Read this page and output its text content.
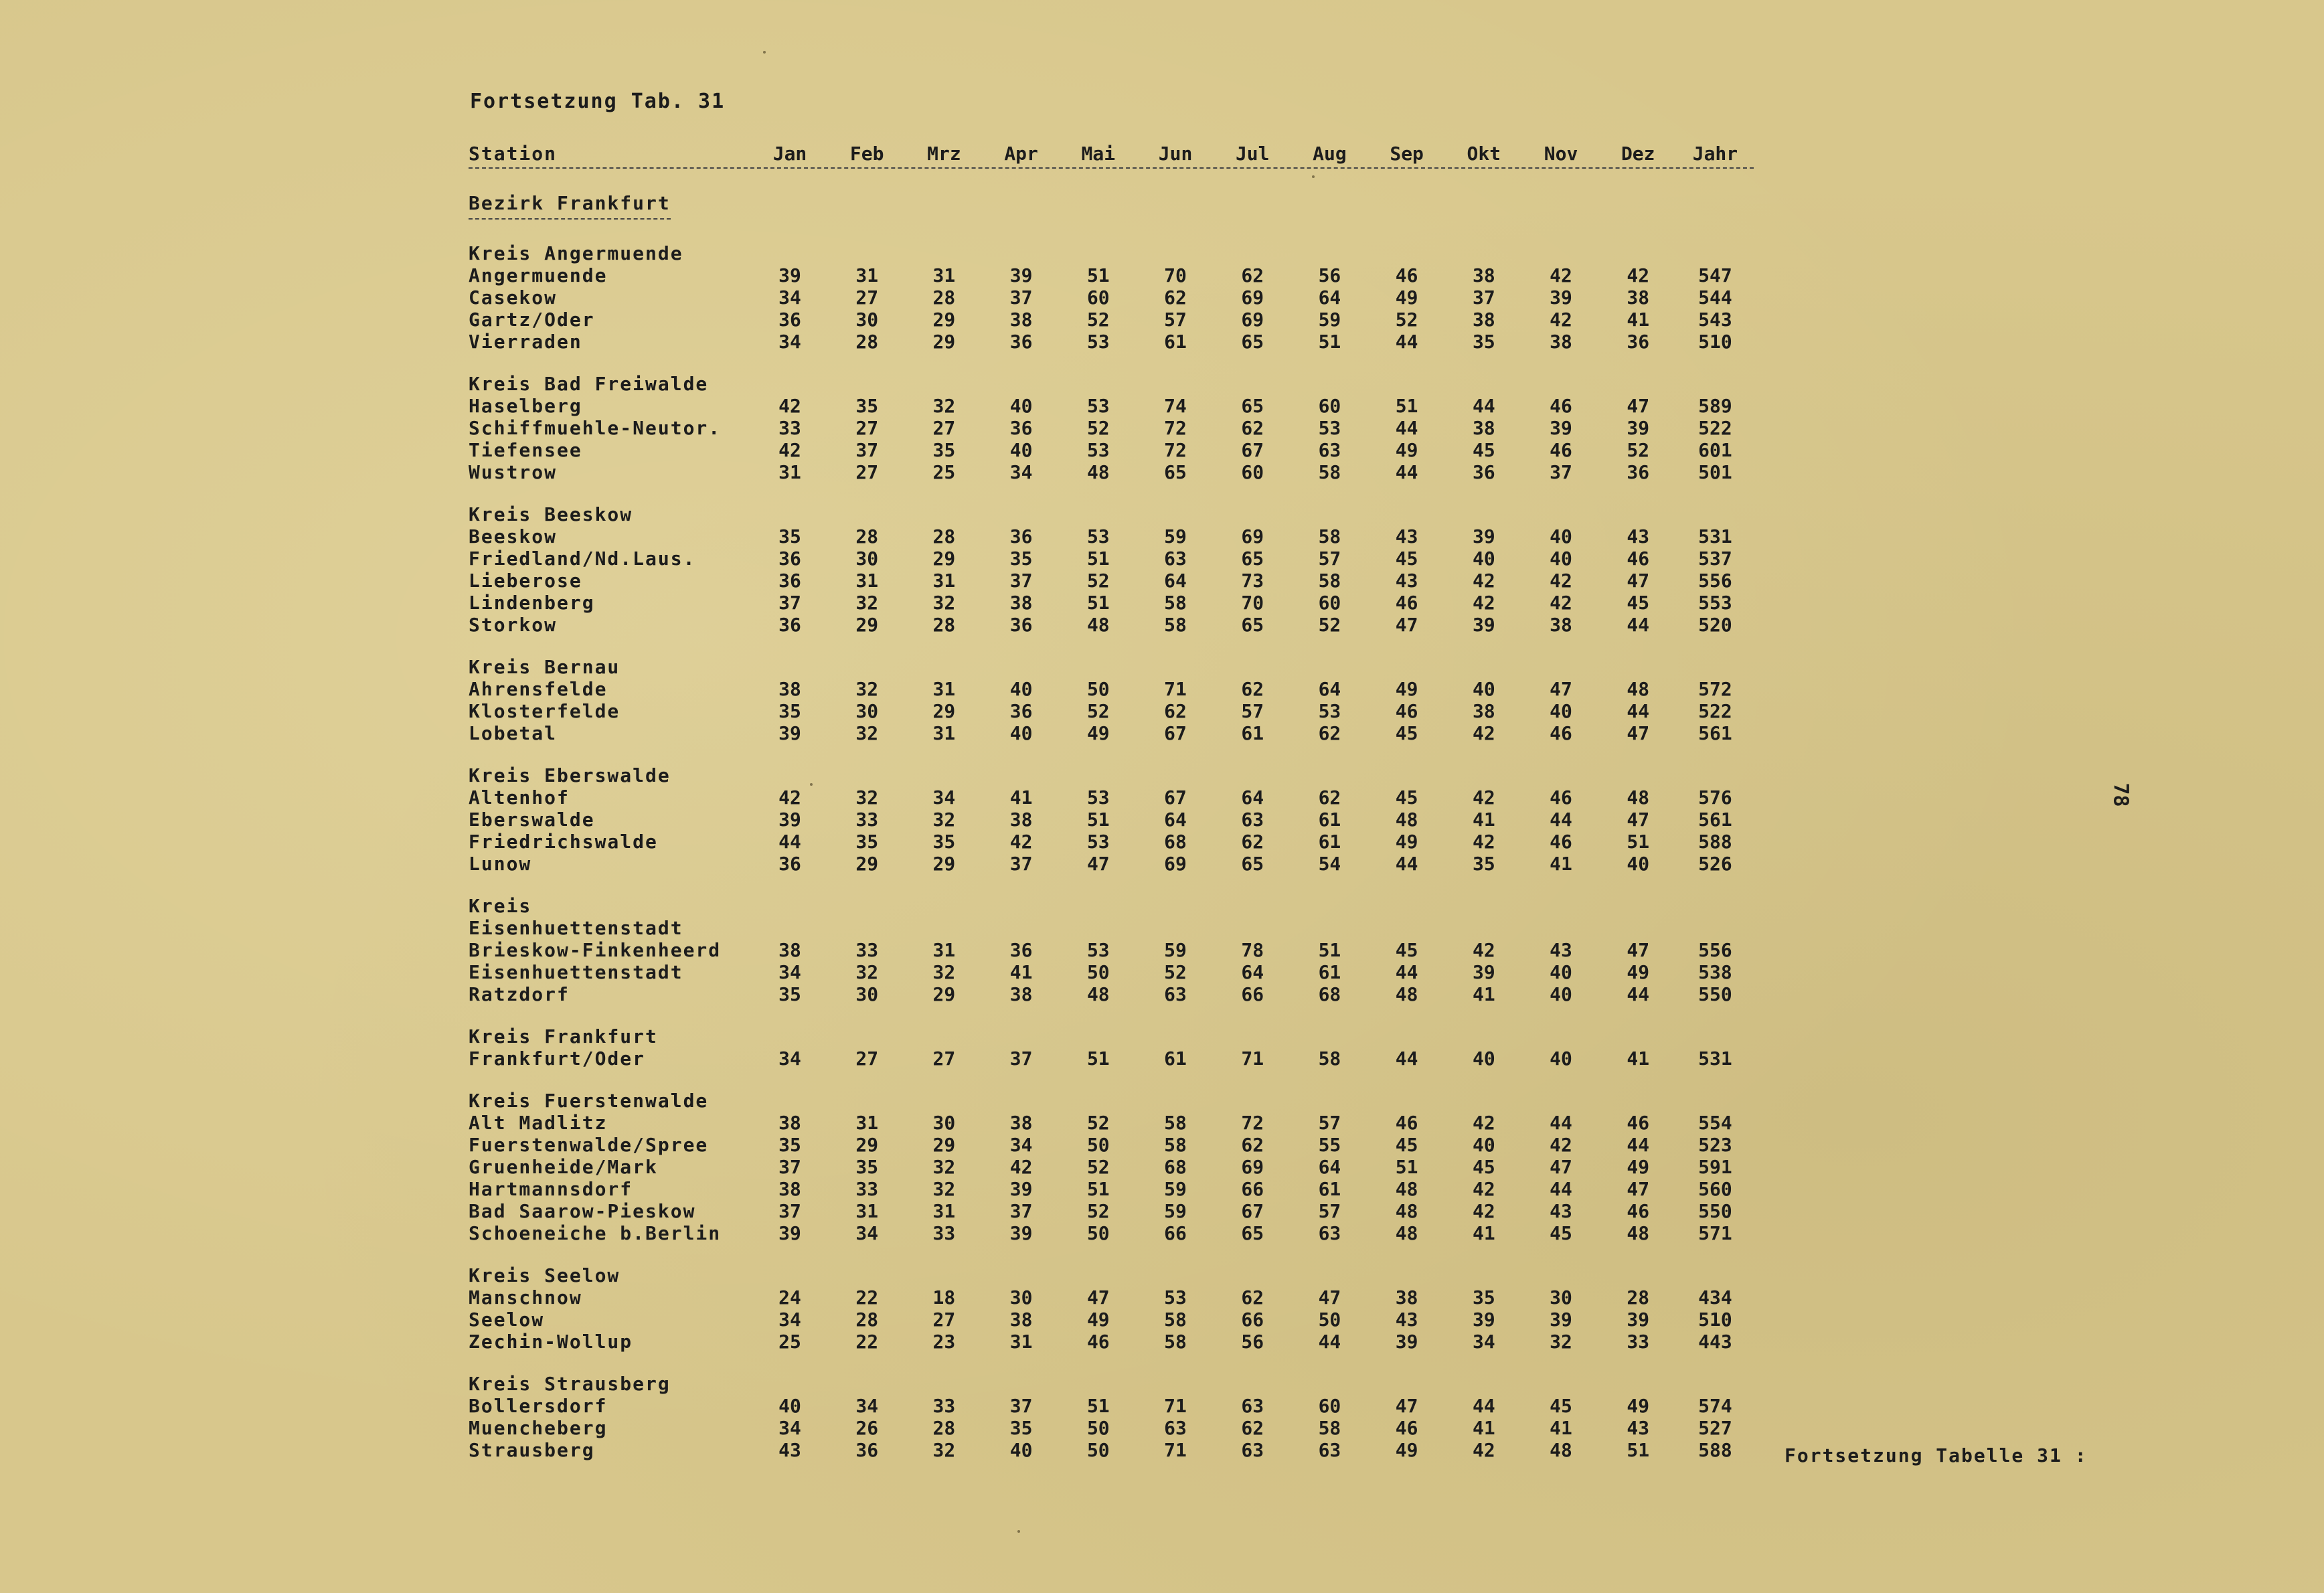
Fortsetzung Tab. 31
Station	Jan	Feb	Mrz	Apr	Mai	Jun	Jul	Aug	Sep	Okt	Nov	Dez	Jahr
Bezirk Frankfurt
Kreis Angermuende
Angermuende	39	31	31	39	51	70	62	56	46	38	42	42	547
Casekow	34	27	28	37	60	62	69	64	49	37	39	38	544
Gartz/Oder	36	30	29	38	52	57	69	59	52	38	42	41	543
Vierraden	34	28	29	36	53	61	65	51	44	35	38	36	510
Kreis Bad Freiwalde
Haselberg	42	35	32	40	53	74	65	60	51	44	46	47	589
Schiffmuehle-Neutor.	33	27	27	36	52	72	62	53	44	38	39	39	522
Tiefensee	42	37	35	40	53	72	67	63	49	45	46	52	601
Wustrow	31	27	25	34	48	65	60	58	44	36	37	36	501
Kreis Beeskow
Beeskow	35	28	28	36	53	59	69	58	43	39	40	43	531
Friedland/Nd.Laus.	36	30	29	35	51	63	65	57	45	40	40	46	537
Lieberose	36	31	31	37	52	64	73	58	43	42	42	47	556
Lindenberg	37	32	32	38	51	58	70	60	46	42	42	45	553
Storkow	36	29	28	36	48	58	65	52	47	39	38	44	520
Kreis Bernau
Ahrensfelde	38	32	31	40	50	71	62	64	49	40	47	48	572
Klosterfelde	35	30	29	36	52	62	57	53	46	38	40	44	522
Lobetal	39	32	31	40	49	67	61	62	45	42	46	47	561
Kreis Eberswalde
Altenhof	42	32	34	41	53	67	64	62	45	42	46	48	576
Eberswalde	39	33	32	38	51	64	63	61	48	41	44	47	561
Friedrichswalde	44	35	35	42	53	68	62	61	49	42	46	51	588
Lunow	36	29	29	37	47	69	65	54	44	35	41	40	526
Kreis
Eisenhuettenstadt
Brieskow-Finkenheerd	38	33	31	36	53	59	78	51	45	42	43	47	556
Eisenhuettenstadt	34	32	32	41	50	52	64	61	44	39	40	49	538
Ratzdorf	35	30	29	38	48	63	66	68	48	41	40	44	550
Kreis Frankfurt
Frankfurt/Oder	34	27	27	37	51	61	71	58	44	40	40	41	531
Kreis Fuerstenwalde
Alt Madlitz	38	31	30	38	52	58	72	57	46	42	44	46	554
Fuerstenwalde/Spree	35	29	29	34	50	58	62	55	45	40	42	44	523
Gruenheide/Mark	37	35	32	42	52	68	69	64	51	45	47	49	591
Hartmannsdorf	38	33	32	39	51	59	66	61	48	42	44	47	560
Bad Saarow-Pieskow	37	31	31	37	52	59	67	57	48	42	43	46	550
Schoeneiche b.Berlin	39	34	33	39	50	66	65	63	48	41	45	48	571
Kreis Seelow
Manschnow	24	22	18	30	47	53	62	47	38	35	30	28	434
Seelow	34	28	27	38	49	58	66	50	43	39	39	39	510
Zechin-Wollup	25	22	23	31	46	58	56	44	39	34	32	33	443
Kreis Strausberg
Bollersdorf	40	34	33	37	51	71	63	60	47	44	45	49	574
Muencheberg	34	26	28	35	50	63	62	58	46	41	41	43	527
Strausberg	43	36	32	40	50	71	63	63	49	42	48	51	588
78
Fortsetzung Tabelle 31 :
